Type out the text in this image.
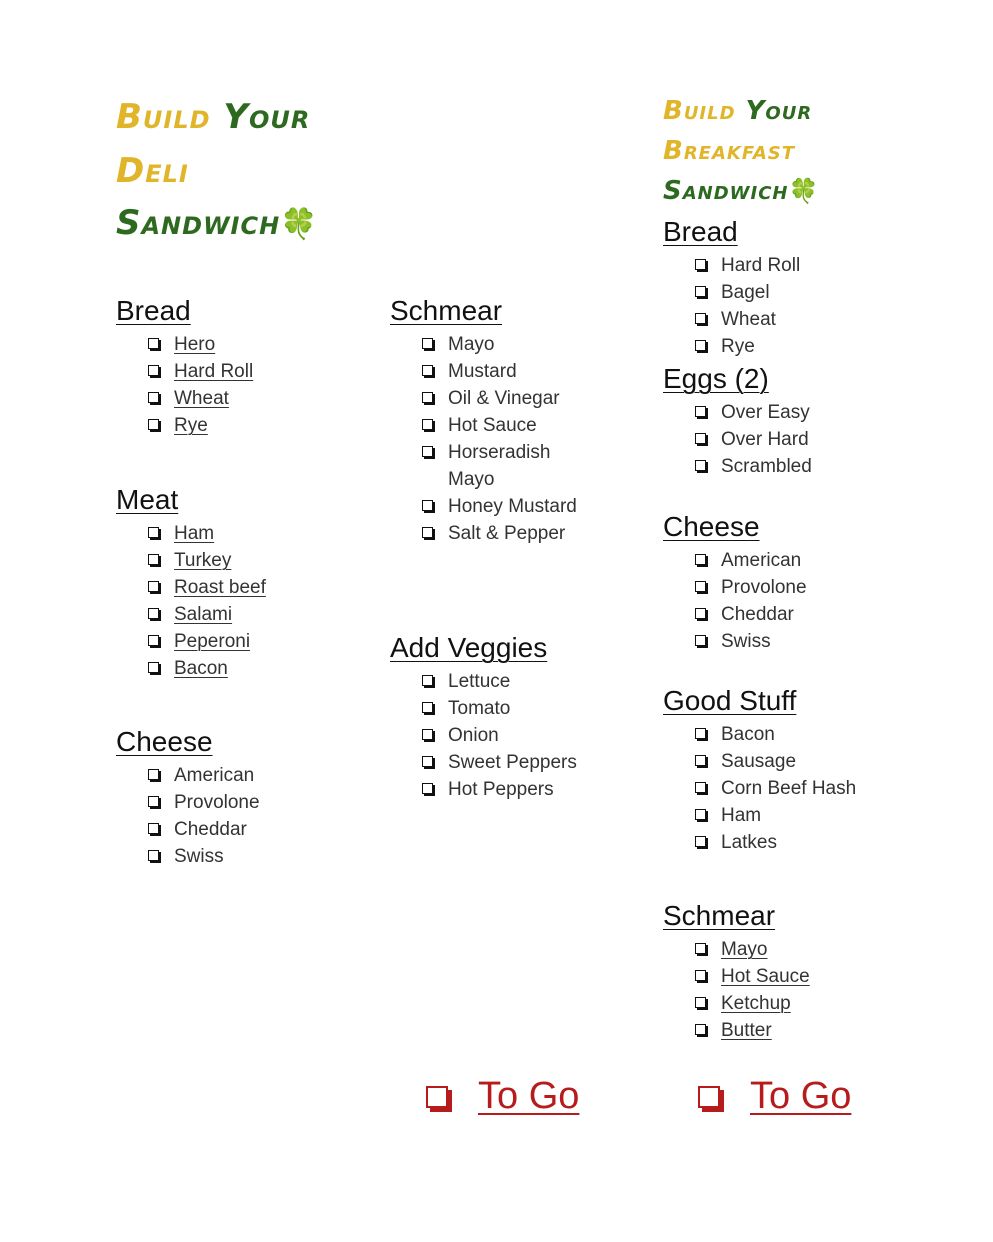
Build Your
Deli
Sandwich🍀
Bread
Hero
Hard Roll
Wheat
Rye
Meat
Ham
Turkey
Roast beef
Salami
Peperoni
Bacon
Cheese
American
Provolone
Cheddar
Swiss
Schmear
Mayo
Mustard
Oil & Vinegar
Hot Sauce
Horseradish Mayo
Honey Mustard
Salt & Pepper
Add Veggies
Lettuce
Tomato
Onion
Sweet Peppers
Hot Peppers
To Go
Build Your
Breakfast
Sandwich🍀
Bread
Hard Roll
Bagel
Wheat
Rye
Eggs (2)
Over Easy
Over Hard
Scrambled
Cheese
American
Provolone
Cheddar
Swiss
Good Stuff
Bacon
Sausage
Corn Beef Hash
Ham
Latkes
Schmear
Mayo
Hot Sauce
Ketchup
Butter
To Go
